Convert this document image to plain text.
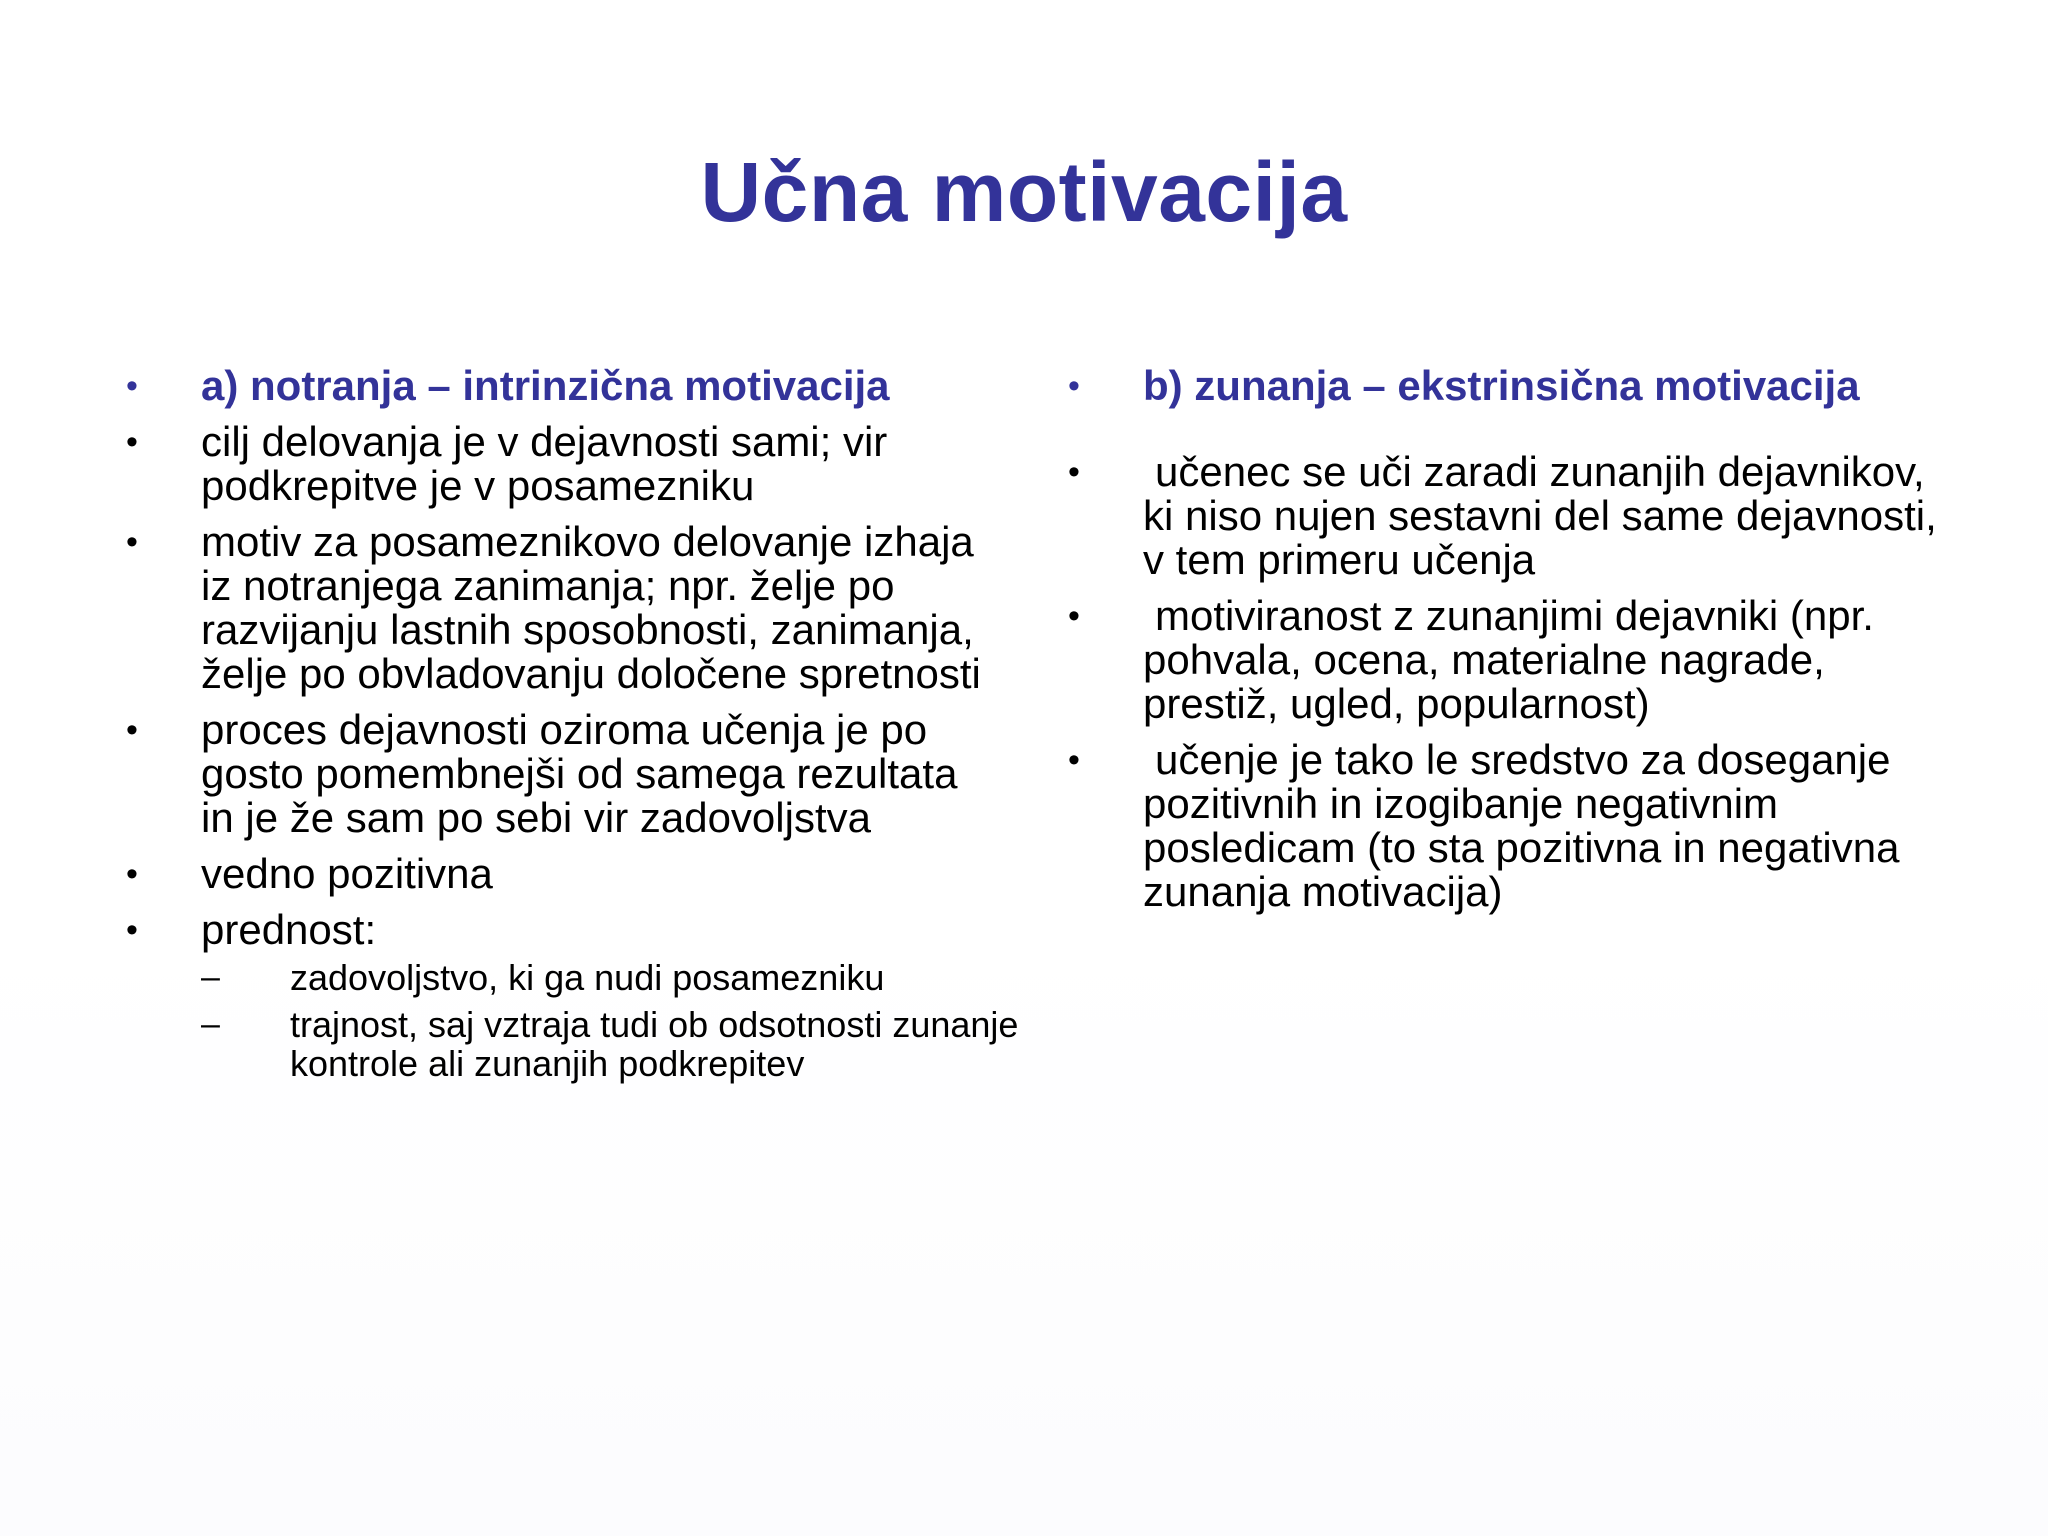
Učna motivacija
•	a) notranja – intrinzična motivacija
•	cilj delovanja je v dejavnosti sami; vir podkrepitve je v posamezniku
•	motiv za posameznikovo delovanje izhaja iz notranjega zanimanja; npr. želje po razvijanju lastnih sposobnosti, zanimanja, želje po obvladovanju določene spretnosti
•	proces dejavnosti oziroma učenja je po gosto pomembnejši od samega rezultata in je že sam po sebi vir zadovoljstva
•	vedno pozitivna
•	prednost:
– zadovoljstvo, ki ga nudi posamezniku
– trajnost, saj vztraja tudi ob odsotnosti zunanje kontrole ali zunanjih podkrepitev
•	b) zunanja – ekstrinsična motivacija
•	učenec se uči zaradi zunanjih dejavnikov, ki niso nujen sestavni del same dejavnosti, v tem primeru učenja
•	motiviranost z zunanjimi dejavniki (npr. pohvala, ocena, materialne nagrade, prestiž, ugled, popularnost)
•	učenje je tako le sredstvo za doseganje pozitivnih in izogibanje negativnim posledicam (to sta pozitivna in negativna zunanja motivacija)
